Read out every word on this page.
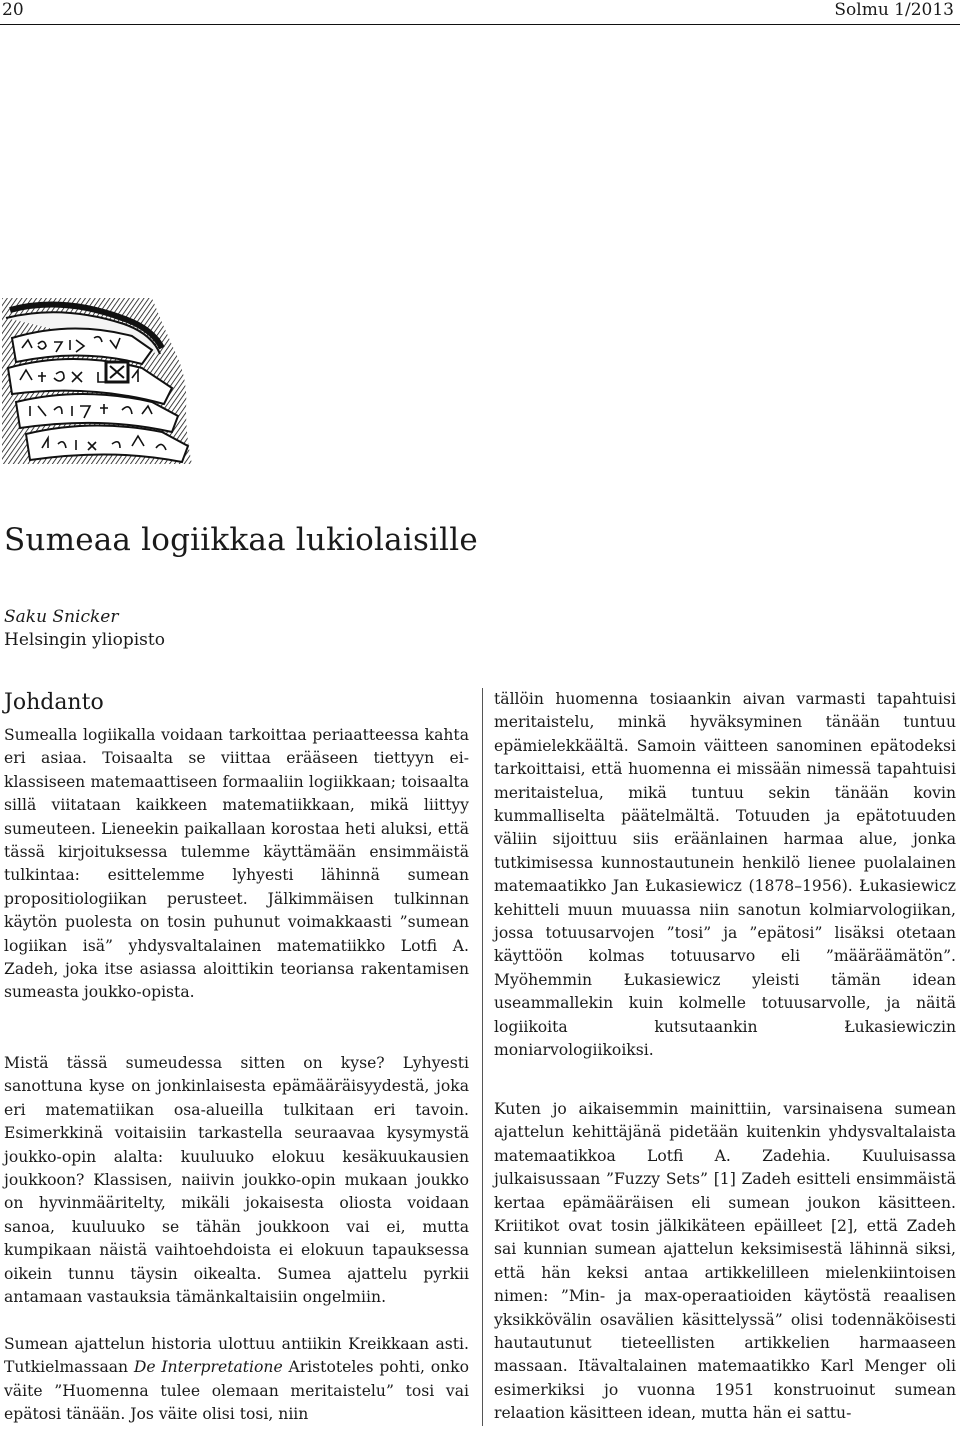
20	Solmu 1/2013
Sumeaa logiikkaa lukiolaisille
Saku Snicker
Helsingin yliopisto
Johdanto

Sumealla logiikalla voidaan tarkoittaa periaatteessa kahta eri asiaa. Toisaalta se viittaa erääseen tiettyyn ei-klassiseen matemaattiseen formaaliin logiikkaan; toisaalta sillä viitataan kaikkeen matematiikkaan, mikä liittyy sumeuteen. Lieneekin paikallaan korostaa heti aluksi, että tässä kirjoituksessa tulemme käyttämään ensimmäistä tulkintaa: esittelemme lyhyesti lähinnä sumean propositiologiikan perusteet. Jälkimmäisen tulkinnan käytön puolesta on tosin puhunut voimakkaasti ”sumean logiikan isä” yhdysvaltalainen matematiikko Lotfi A. Zadeh, joka itse asiassa aloittikin teoriansa rakentamisen sumeasta joukko-opista.

Mistä tässä sumeudessa sitten on kyse? Lyhyesti sanottuna kyse on jonkinlaisesta epämääräisyydestä, joka eri matematiikan osa-alueilla tulkitaan eri tavoin. Esimerkkinä voitaisiin tarkastella seuraavaa kysymystä joukko-opin alalta: kuuluuko elokuu kesäkuukausien joukkoon? Klassisen, naiivin joukko-opin mukaan joukko on hyvinmääritelty, mikäli jokaisesta oliosta voidaan sanoa, kuuluuko se tähän joukkoon vai ei, mutta kumpikaan näistä vaihtoehdoista ei elokuun tapauksessa oikein tunnu täysin oikealta. Sumea ajattelu pyrkii antamaan vastauksia tämänkaltaisiin ongelmiin.

Sumean ajattelun historia ulottuu antiikin Kreikkaan asti. Tutkielmassaan De Interpretatione Aristoteles pohti, onko väite ”Huomenna tulee olemaan meritaistelu” tosi vai epätosi tänään. Jos väite olisi tosi, niin

tällöin huomenna tosiaankin aivan varmasti tapahtuisi meritaistelu, minkä hyväksyminen tänään tuntuu epämielekkäältä. Samoin väitteen sanominen epätodeksi tarkoittaisi, että huomenna ei missään nimessä tapahtuisi meritaistelua, mikä tuntuu sekin tänään kovin kummalliselta päätelmältä. Totuuden ja epätotuuden väliin sijoittuu siis eräänlainen harmaa alue, jonka tutkimisessa kunnostautunein henkilö lienee puolalainen matemaatikko Jan Łukasiewicz (1878–1956). Łukasiewicz kehitteli muun muuassa niin sanotun kolmiarvologiikan, jossa totuusarvojen ”tosi” ja ”epätosi” lisäksi otetaan käyttöön kolmas totuusarvo eli ”määräämätön”. Myöhemmin Łukasiewicz yleisti tämän idean useammallekin kuin kolmelle totuusarvolle, ja näitä logiikoita kutsutaankin Łukasiewiczin moniarvologiikoiksi.

Kuten jo aikaisemmin mainittiin, varsinaisena sumean ajattelun kehittäjänä pidetään kuitenkin yhdysvaltalaista matemaatikkoa Lotfi A. Zadehia. Kuuluisassa julkaisussaan ”Fuzzy Sets” [1] Zadeh esitteli ensimmäistä kertaa epämääräisen eli sumean joukon käsitteen. Kriitikot ovat tosin jälkikäteen epäilleet [2], että Zadeh sai kunnian sumean ajattelun keksimisestä lähinnä siksi, että hän keksi antaa artikkelilleen mielenkiintoisen nimen: ”Min- ja max-operaatioiden käytöstä reaalisen yksikkövälin osavälien käsittelyssä” olisi todennäköisesti hautautunut tieteellisten artikkelien harmaaseen massaan. Itävaltalainen matemaatikko Karl Menger oli esimerkiksi jo vuonna 1951 konstruoinut sumean relaation käsitteen idean, mutta hän ei sattu-
